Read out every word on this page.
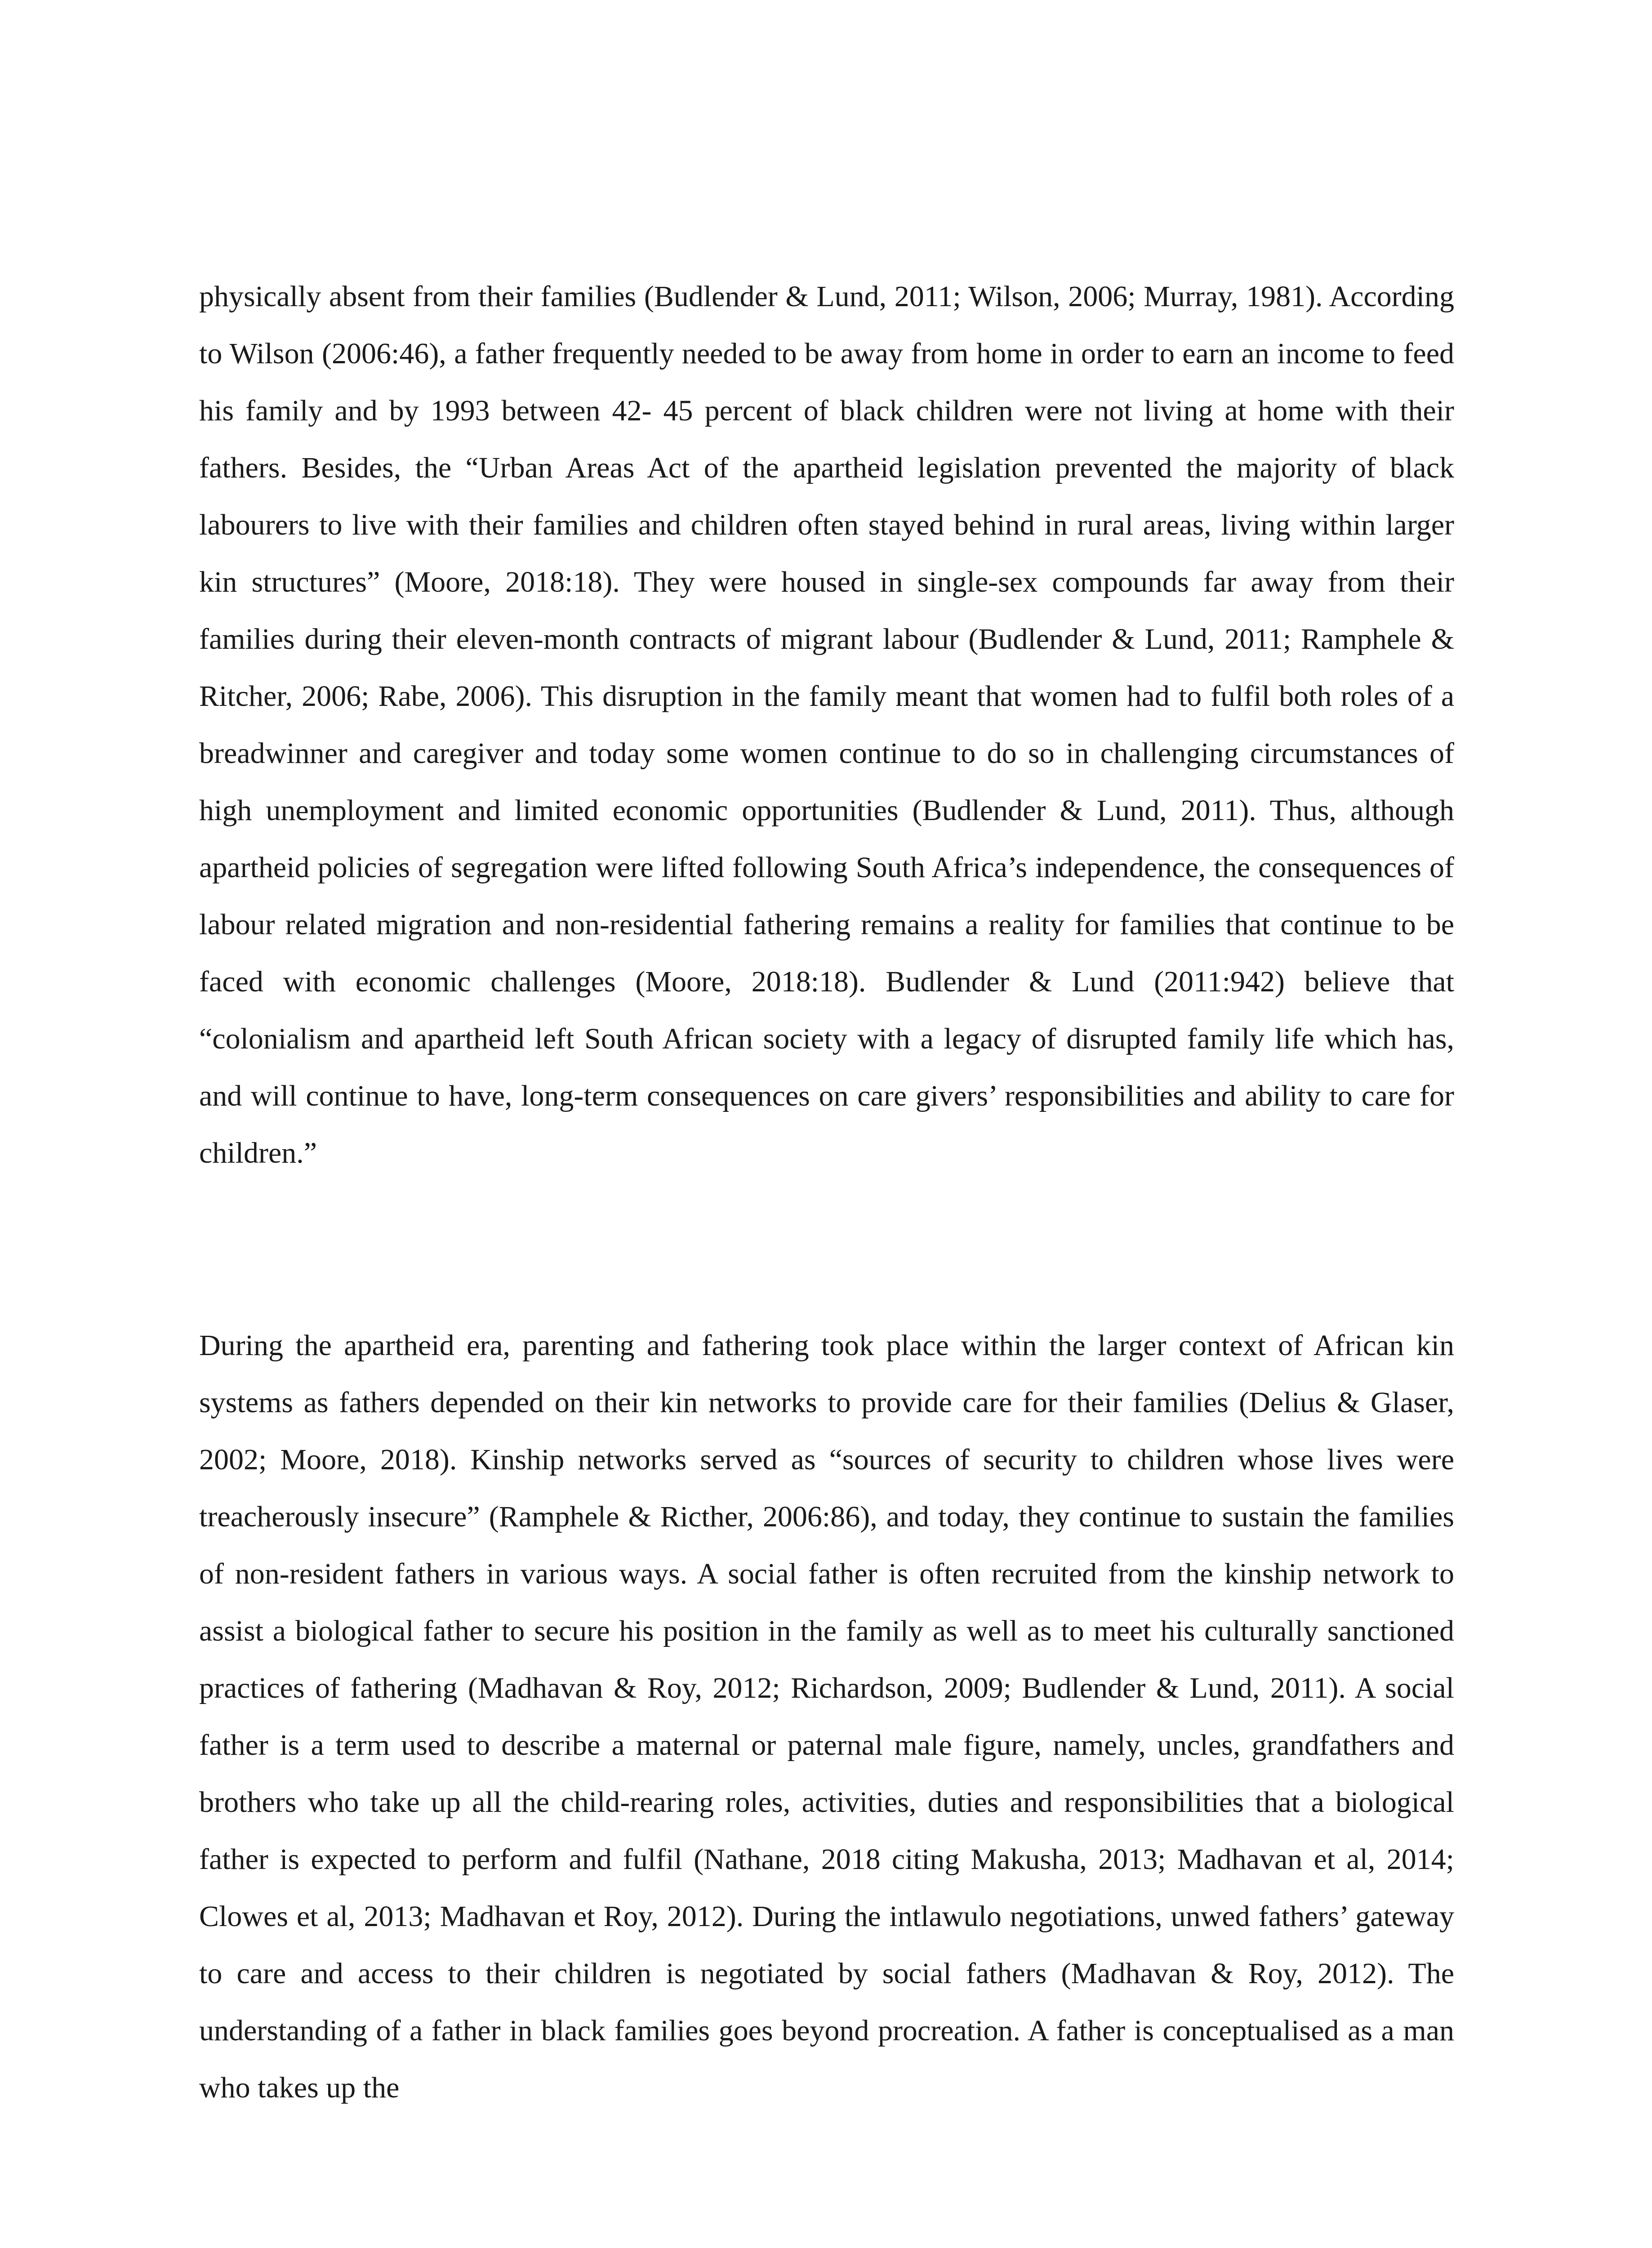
physically absent from their families (Budlender & Lund, 2011; Wilson, 2006; Murray, 1981). According to Wilson (2006:46), a father frequently needed to be away from home in order to earn an income to feed his family and by 1993 between 42- 45 percent of black children were not living at home with their fathers. Besides, the “Urban Areas Act of the apartheid legislation prevented the majority of black labourers to live with their families and children often stayed behind in rural areas, living within larger kin structures” (Moore, 2018:18). They were housed in single-sex compounds far away from their families during their eleven-month contracts of migrant labour (Budlender & Lund, 2011; Ramphele & Ritcher, 2006; Rabe, 2006). This disruption in the family meant that women had to fulfil both roles of a breadwinner and caregiver and today some women continue to do so in challenging circumstances of high unemployment and limited economic opportunities (Budlender & Lund, 2011). Thus, although apartheid policies of segregation were lifted following South Africa’s independence, the consequences of labour related migration and non-residential fathering remains a reality for families that continue to be faced with economic challenges (Moore, 2018:18). Budlender & Lund (2011:942) believe that “colonialism and apartheid left South African society with a legacy of disrupted family life which has, and will continue to have, long-term consequences on care givers’ responsibilities and ability to care for children.”

During the apartheid era, parenting and fathering took place within the larger context of African kin systems as fathers depended on their kin networks to provide care for their families (Delius & Glaser, 2002; Moore, 2018). Kinship networks served as “sources of security to children whose lives were treacherously insecure” (Ramphele & Ricther, 2006:86), and today, they continue to sustain the families of non-resident fathers in various ways. A social father is often recruited from the kinship network to assist a biological father to secure his position in the family as well as to meet his culturally sanctioned practices of fathering (Madhavan & Roy, 2012; Richardson, 2009; Budlender & Lund, 2011). A social father is a term used to describe a maternal or paternal male figure, namely, uncles, grandfathers and brothers who take up all the child-rearing roles, activities, duties and responsibilities that a biological father is expected to perform and fulfil (Nathane, 2018 citing Makusha, 2013; Madhavan et al, 2014; Clowes et al, 2013; Madhavan et Roy, 2012). During the intlawulo negotiations, unwed fathers’ gateway to care and access to their children is negotiated by social fathers (Madhavan & Roy, 2012). The understanding of a father in black families goes beyond procreation. A father is conceptualised as a man who takes up the
